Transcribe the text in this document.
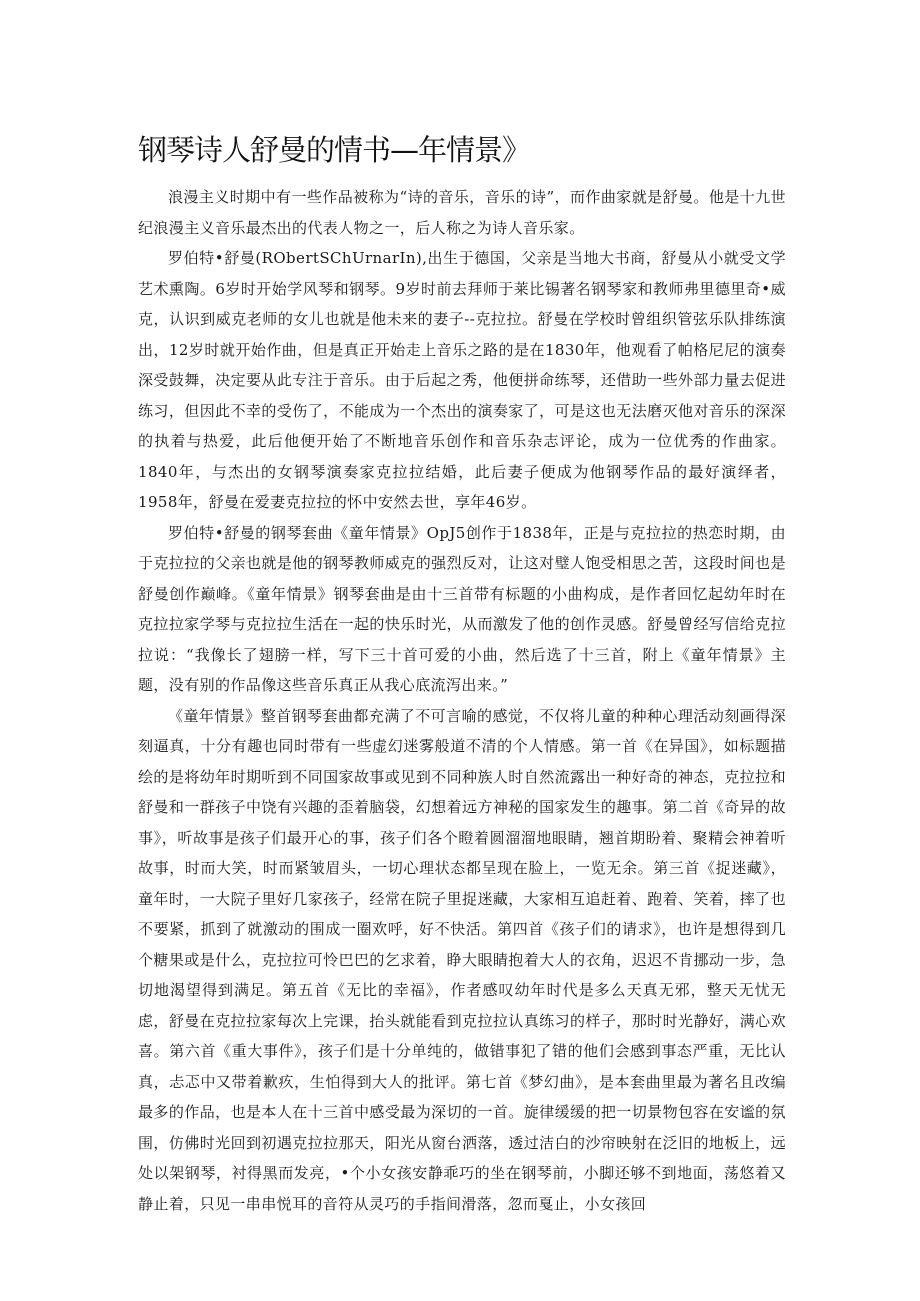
钢琴诗人舒曼的情书—年情景》

浪漫主义时期中有一些作品被称为“诗的音乐，音乐的诗”，而作曲家就是舒曼。他是十九世纪浪漫主义音乐最杰出的代表人物之一，后人称之为诗人音乐家。

罗伯特•舒曼(RObertSChUrnarIn),出生于德国，父亲是当地大书商，舒曼从小就受文学艺术熏陶。6岁时开始学风琴和钢琴。9岁时前去拜师于莱比锡著名钢琴家和教师弗里德里奇•威克，认识到威克老师的女儿也就是他未来的妻子--克拉拉。舒曼在学校时曾组织管弦乐队排练演出，12岁时就开始作曲，但是真正开始走上音乐之路的是在1830年，他观看了帕格尼尼的演奏深受鼓舞，决定要从此专注于音乐。由于后起之秀，他便拼命练琴，还借助一些外部力量去促进练习，但因此不幸的受伤了，不能成为一个杰出的演奏家了，可是这也无法磨灭他对音乐的深深的执着与热爱，此后他便开始了不断地音乐创作和音乐杂志评论，成为一位优秀的作曲家。1840年，与杰出的女钢琴演奏家克拉拉结婚，此后妻子便成为他钢琴作品的最好演绎者，1958年，舒曼在爱妻克拉拉的怀中安然去世，享年46岁。

罗伯特•舒曼的钢琴套曲《童年情景》OpJ5创作于1838年，正是与克拉拉的热恋时期，由于克拉拉的父亲也就是他的钢琴教师威克的强烈反对，让这对璧人饱受相思之苦，这段时间也是舒曼创作巅峰。《童年情景》钢琴套曲是由十三首带有标题的小曲构成，是作者回忆起幼年时在克拉拉家学琴与克拉拉生活在一起的快乐时光，从而激发了他的创作灵感。舒曼曾经写信给克拉拉说：“我像长了翅膀一样，写下三十首可爱的小曲，然后选了十三首，附上《童年情景》主题，没有别的作品像这些音乐真正从我心底流泻出来。”

《童年情景》整首钢琴套曲都充满了不可言喻的感觉，不仅将儿童的种种心理活动刻画得深刻逼真，十分有趣也同时带有一些虚幻迷雾般道不清的个人情感。第一首《在异国》，如标题描绘的是将幼年时期听到不同国家故事或见到不同种族人时自然流露出一种好奇的神态，克拉拉和舒曼和一群孩子中饶有兴趣的歪着脑袋，幻想着远方神秘的国家发生的趣事。第二首《奇异的故事》，听故事是孩子们最开心的事，孩子们各个瞪着圆溜溜地眼睛，翘首期盼着、聚精会神着听故事，时而大笑，时而紧皱眉头，一切心理状态都呈现在脸上，一览无余。第三首《捉迷藏》，童年时，一大院子里好几家孩子，经常在院子里捉迷藏，大家相互追赶着、跑着、笑着，摔了也不要紧，抓到了就激动的围成一圈欢呼，好不快活。第四首《孩子们的请求》，也许是想得到几个糖果或是什么，克拉拉可怜巴巴的乞求着，睁大眼睛抱着大人的衣角，迟迟不肯挪动一步，急切地渴望得到满足。第五首《无比的幸福》，作者感叹幼年时代是多么天真无邪，整天无忧无虑，舒曼在克拉拉家每次上完课，抬头就能看到克拉拉认真练习的样子，那时时光静好，满心欢喜。第六首《重大事件》，孩子们是十分单纯的，做错事犯了错的他们会感到事态严重，无比认真，忐忑中又带着歉疚，生怕得到大人的批评。第七首《梦幻曲》，是本套曲里最为著名且改编最多的作品，也是本人在十三首中感受最为深切的一首。旋律缓缓的把一切景物包容在安谧的氛围，仿佛时光回到初遇克拉拉那天，阳光从窗台洒落，透过洁白的沙帘映射在泛旧的地板上，远处以架钢琴，衬得黑而发亮，•个小女孩安静乖巧的坐在钢琴前，小脚还够不到地面，荡悠着又静止着，只见一串串悦耳的音符从灵巧的手指间滑落，忽而戛止，小女孩回
